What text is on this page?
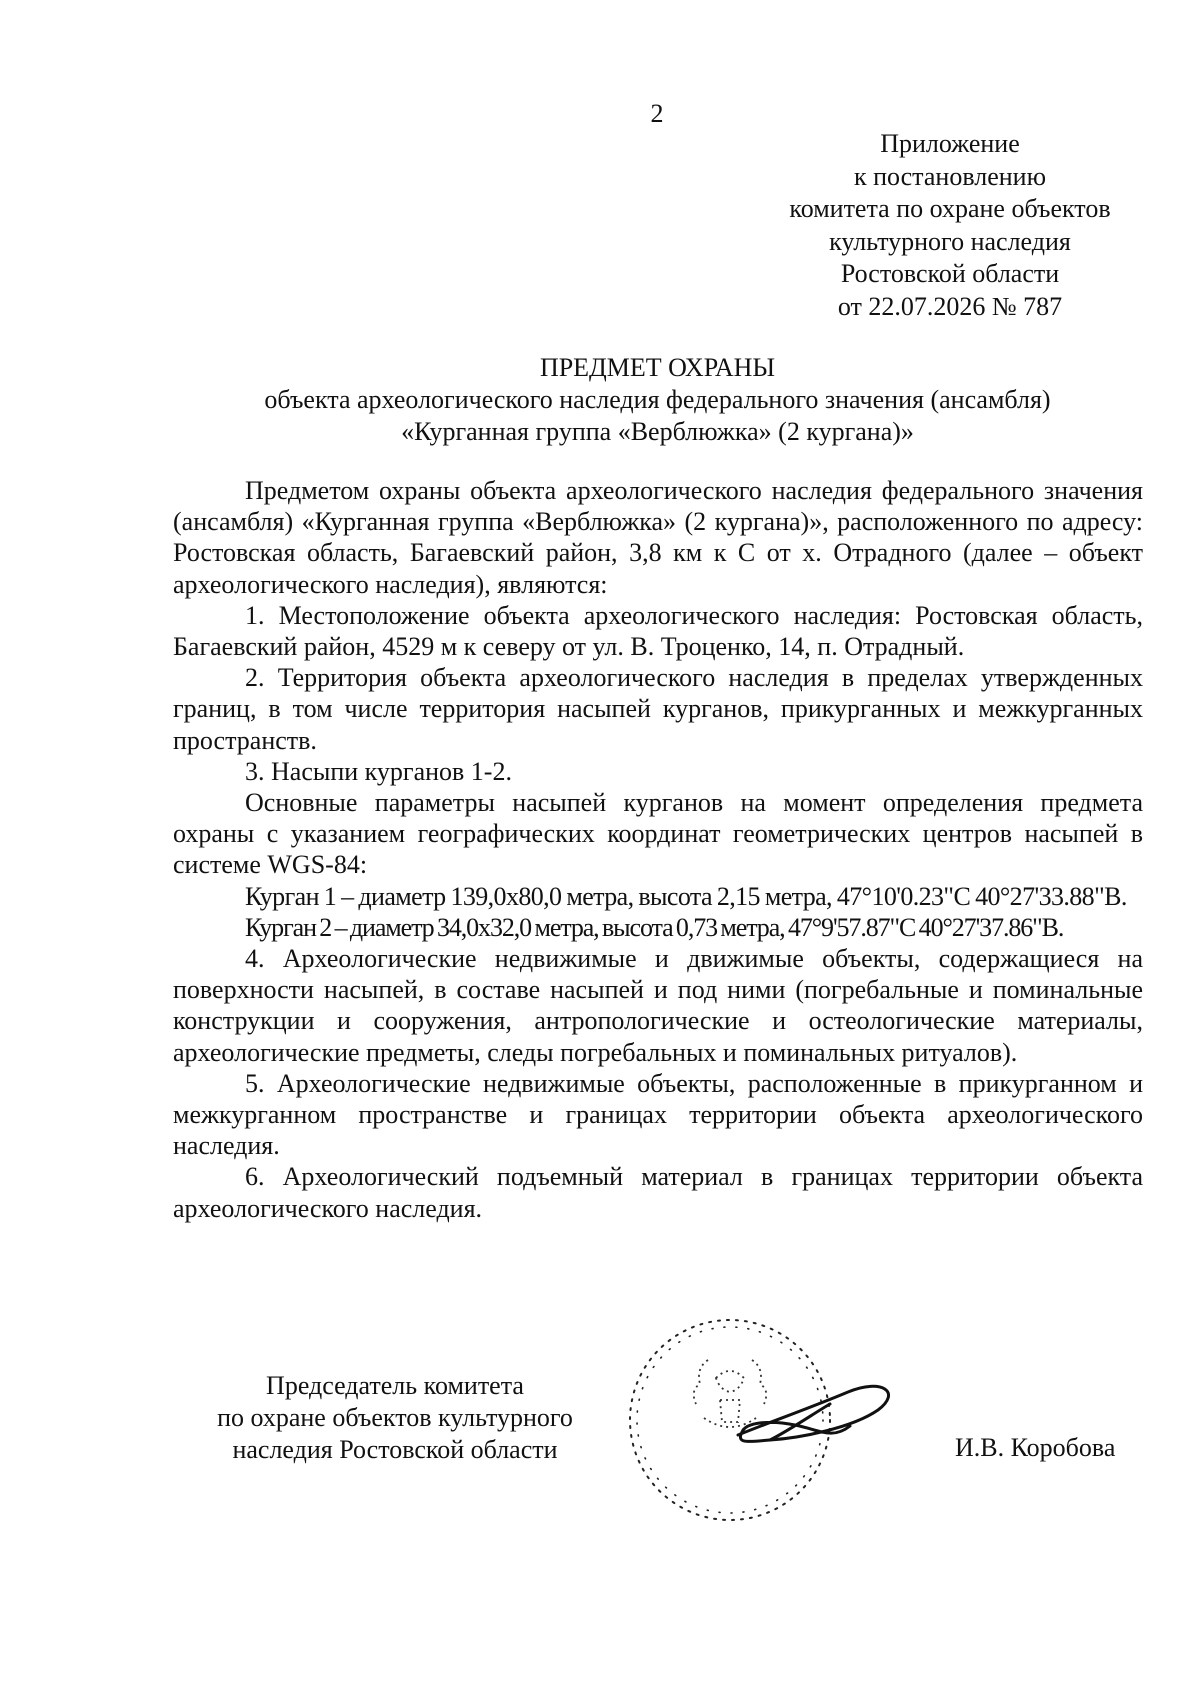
2
Приложение
к постановлению
комитета по охране объектов
культурного наследия
Ростовской области
от 22.07.2026 № 787
ПРЕДМЕТ ОХРАНЫ
объекта археологического наследия федерального значения (ансамбля)
«Курганная группа «Верблюжка» (2 кургана)»

Предметом охраны объекта археологического наследия федерального значения (ансамбля) «Курганная группа «Верблюжка» (2 кургана)», расположенного по адресу: Ростовская область, Багаевский район, 3,8 км к С от х. Отрадного (далее – объект археологического наследия), являются:

1. Местоположение объекта археологического наследия: Ростовская область, Багаевский район, 4529 м к северу от ул. В. Троценко, 14, п. Отрадный.

2. Территория объекта археологического наследия в пределах утвержденных границ, в том числе территория насыпей курганов, прикурганных и межкурганных пространств.

3. Насыпи курганов 1-2.

Основные параметры насыпей курганов на момент определения предмета охраны с указанием географических координат геометрических центров насыпей в системе WGS-84:

Курган 1 – диаметр 139,0х80,0 метра, высота 2,15 метра, 47°10'0.23"С 40°27'33.88"В.

Курган 2 – диаметр 34,0х32,0 метра, высота 0,73 метра, 47°9'57.87"С 40°27'37.86"В.

4. Археологические недвижимые и движимые объекты, содержащиеся на поверхности насыпей, в составе насыпей и под ними (погребальные и поминальные конструкции и сооружения, антропологические и остеологические материалы, археологические предметы, следы погребальных и поминальных ритуалов).

5. Археологические недвижимые объекты, расположенные в прикурганном и межкурганном пространстве и границах территории объекта археологического наследия.

6. Археологический подъемный материал в границах территории объекта археологического наследия.

Председатель комитета
по охране объектов культурного
наследия Ростовской области	И.В. Коробова
